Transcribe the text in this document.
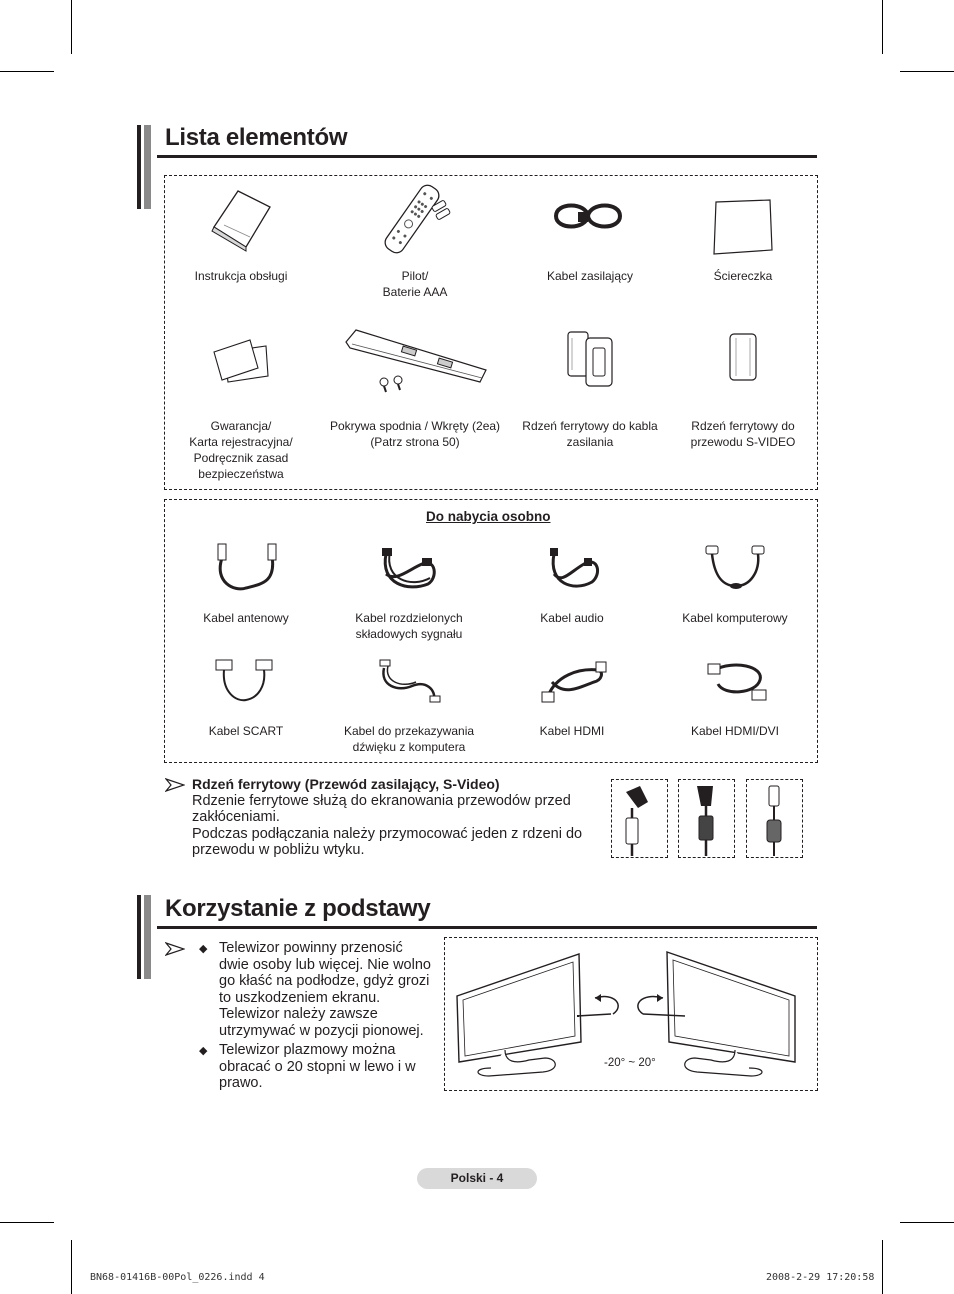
Lista elementów
Instrukcja obsługi	Pilot/
Baterie AAA
Kabel zasilający	Ściereczka
Gwarancja/
Karta rejestracyjna/
Podręcznik zasad
bezpieczeństwa
Pokrywa spodnia / Wkręty (2ea)
(Patrz strona 50)
Rdzeń ferrytowy do kabla
zasilania
Rdzeń ferrytowy do
przewodu S-VIDEO
Do nabycia osobno
Kabel antenowy	Kabel rozdzielonych
składowych sygnału
Kabel audio	Kabel komputerowy
Kabel SCART	Kabel do przekazywania
dźwięku z komputera
Kabel HDMI	Kabel HDMI/DVI
Rdzeń ferrytowy (Przewód zasilający, S-Video)
Rdzenie ferrytowe służą do ekranowania przewodów przed zakłóceniami.
Podczas podłączania należy przymocować jeden z rdzeni do przewodu w pobliżu wtyku.
Korzystanie z podstawy
◆ Telewizor powinny przenosić dwie osoby lub więcej. Nie wolno go kłaść na podłodze, gdyż grozi to uszkodzeniem ekranu. Telewizor należy zawsze utrzymywać w pozycji pionowej.
◆ Telewizor plazmowy można obracać o 20 stopni w lewo i w prawo.
-20° ~ 20°
Polski - 4
BN68-01416B-00Pol_0226.indd 4	2008-2-29 17:20:58
